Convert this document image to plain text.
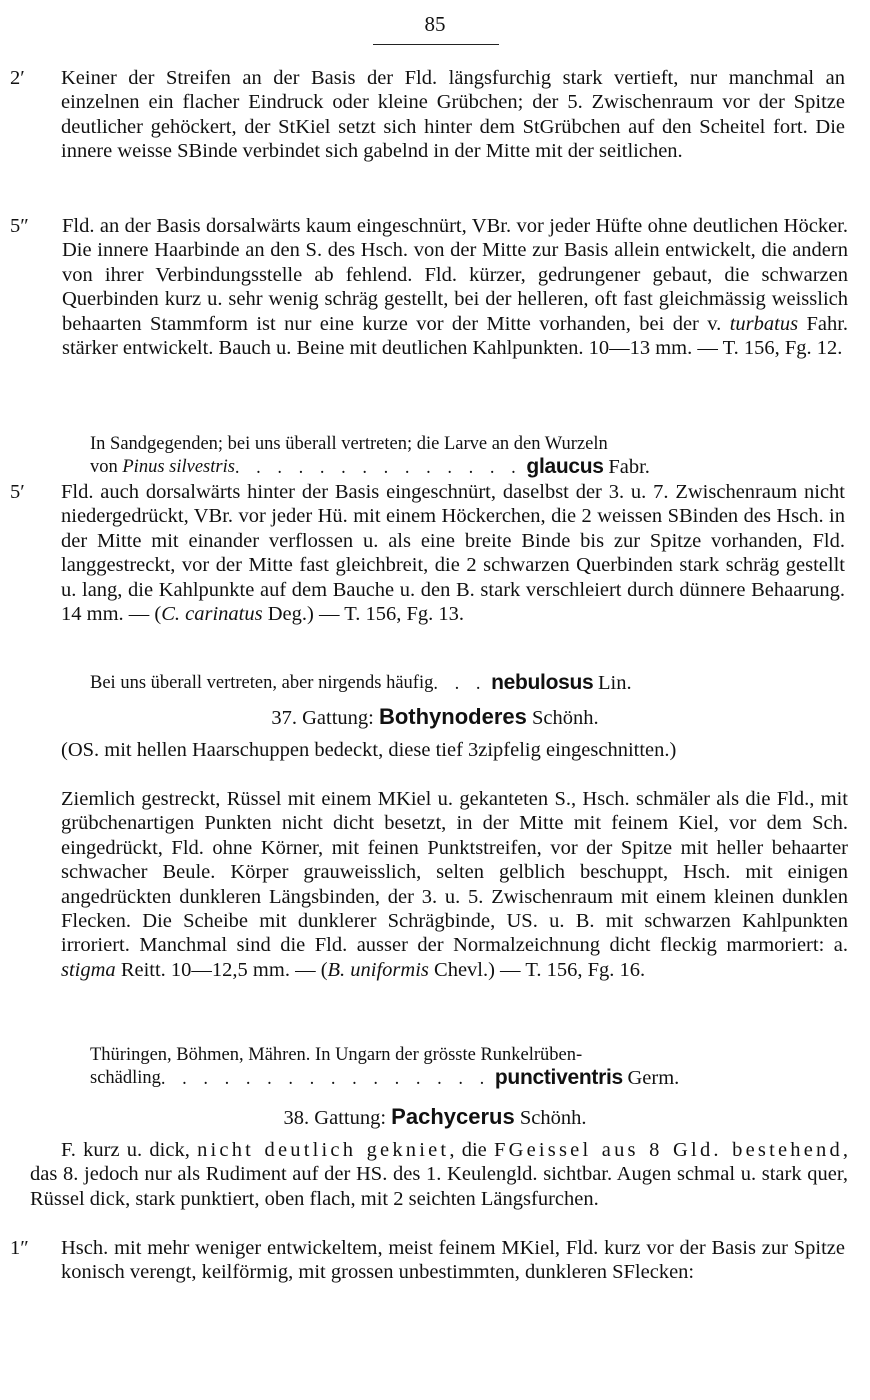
85
2′	Keiner der Streifen an der Basis der Fld. längsfurchig stark vertieft, nur manchmal an einzelnen ein flacher Eindruck oder kleine Grübchen; der 5. Zwischenraum vor der Spitze deutlicher gehöckert, der StKiel setzt sich hinter dem StGrübchen auf den Scheitel fort. Die innere weisse SBinde verbindet sich gabelnd in der Mitte mit der seitlichen.
5″	Fld. an der Basis dorsalwärts kaum eingeschnürt, VBr. vor jeder Hüfte ohne deutlichen Höcker. Die innere Haarbinde an den S. des Hsch. von der Mitte zur Basis allein entwickelt, die andern von ihrer Verbindungsstelle ab fehlend. Fld. kürzer, gedrungener gebaut, die schwarzen Querbinden kurz u. sehr wenig schräg gestellt, bei der helleren, oft fast gleichmässig weisslich behaarten Stammform ist nur eine kurze vor der Mitte vorhanden, bei der v. turbatus Fahr. stärker entwickelt. Bauch u. Beine mit deutlichen Kahlpunkten. 10—13 mm. — T. 156, Fg. 12.
In Sandgegenden; bei uns überall vertreten; die Larve an den Wurzeln
von Pinus silvestris . . . . . . . . . . . . . . glaucus Fabr.
5′	Fld. auch dorsalwärts hinter der Basis eingeschnürt, daselbst der 3. u. 7. Zwischenraum nicht niedergedrückt, VBr. vor jeder Hü. mit einem Höckerchen, die 2 weissen SBinden des Hsch. in der Mitte mit einander verflossen u. als eine breite Binde bis zur Spitze vorhanden, Fld. langgestreckt, vor der Mitte fast gleichbreit, die 2 schwarzen Querbinden stark schräg gestellt u. lang, die Kahlpunkte auf dem Bauche u. den B. stark verschleiert durch dünnere Behaarung. 14 mm. — (C. carinatus Deg.) — T. 156, Fg. 13.
Bei uns überall vertreten, aber nirgends häufig . . . nebulosus Lin.

37. Gattung: Bothynoderes Schönh.

(OS. mit hellen Haarschuppen bedeckt, diese tief 3zipfelig eingeschnitten.)
Ziemlich gestreckt, Rüssel mit einem MKiel u. gekanteten S., Hsch. schmäler als die Fld., mit grübchenartigen Punkten nicht dicht besetzt, in der Mitte mit feinem Kiel, vor dem Sch. eingedrückt, Fld. ohne Körner, mit feinen Punktstreifen, vor der Spitze mit heller behaarter schwacher Beule. Körper grauweisslich, selten gelblich beschuppt, Hsch. mit einigen angedrückten dunkleren Längsbinden, der 3. u. 5. Zwischenraum mit einem kleinen dunklen Flecken. Die Scheibe mit dunklerer Schrägbinde, US. u. B. mit schwarzen Kahlpunkten irroriert. Manchmal sind die Fld. ausser der Normalzeichnung dicht fleckig marmoriert: a. stigma Reitt. 10—12,5 mm. — (B. uniformis Chevl.) — T. 156, Fg. 16.
Thüringen, Böhmen, Mähren. In Ungarn der grösste Runkelrüben-
schädling . . . . . . . . . . . . . . . . punctiventris Germ.

38. Gattung: Pachycerus Schönh.

F. kurz u. dick, nicht deutlich gekniet, die FGeissel aus 8 Gld. bestehend, das 8. jedoch nur als Rudiment auf der HS. des 1. Keulengld. sichtbar. Augen schmal u. stark quer, Rüssel dick, stark punktiert, oben flach, mit 2 seichten Längsfurchen.
1″	Hsch. mit mehr weniger entwickeltem, meist feinem MKiel, Fld. kurz vor der Basis zur Spitze konisch verengt, keilförmig, mit grossen unbestimmten, dunkleren SFlecken:
